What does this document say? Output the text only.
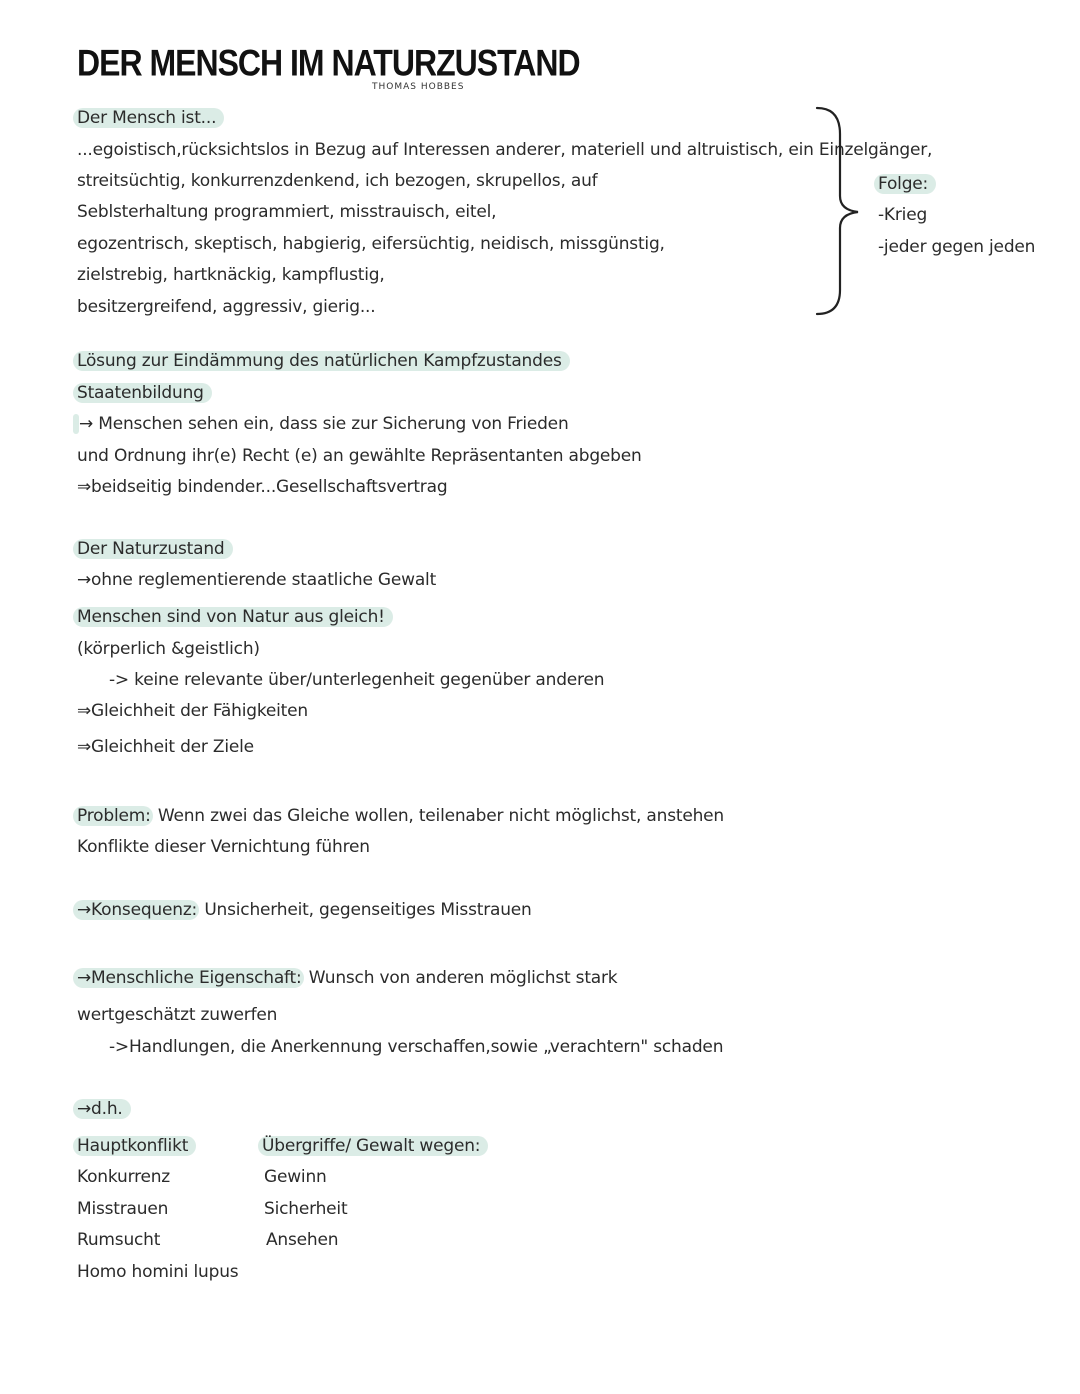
DER MENSCH IM NATURZUSTAND
THOMAS HOBBES
Der Mensch ist...
...egoistisch,rücksichtslos in Bezug auf Interessen anderer, materiell und altruistisch, ein Einzelgänger,
streitsüchtig, konkurrenzdenkend, ich bezogen, skrupellos, auf
Seblsterhaltung programmiert, misstrauisch, eitel,
egozentrisch, skeptisch, habgierig, eifersüchtig, neidisch, missgünstig,
zielstrebig, hartknäckig, kampflustig,
besitzergreifend, aggressiv, gierig...
Folge:
-Krieg
-jeder gegen jeden
Lösung zur Eindämmung des natürlichen Kampfzustandes
Staatenbildung
→ Menschen sehen ein, dass sie zur Sicherung von Frieden
und Ordnung ihr(e) Recht (e) an gewählte Repräsentanten abgeben
⇒beidseitig bindender...Gesellschaftsvertrag
Der Naturzustand
→ohne reglementierende staatliche Gewalt
Menschen sind von Natur aus gleich!
(körperlich &geistlich)
-> keine relevante über/unterlegenheit gegenüber anderen
⇒Gleichheit der Fähigkeiten
⇒Gleichheit der Ziele
Problem: Wenn zwei das Gleiche wollen, teilenaber nicht möglichst, anstehen
Konflikte dieser Vernichtung führen
→Konsequenz: Unsicherheit, gegenseitiges Misstrauen
→Menschliche Eigenschaft: Wunsch von anderen möglichst stark
wertgeschätzt zuwerfen
->Handlungen, die Anerkennung verschaffen,sowie „verachtern" schaden
→d.h.
Hauptkonflikt	Übergriffe/ Gewalt wegen:
Konkurrenz
Misstrauen
Rumsucht
Homo homini lupus
Gewinn
Sicherheit
Ansehen
